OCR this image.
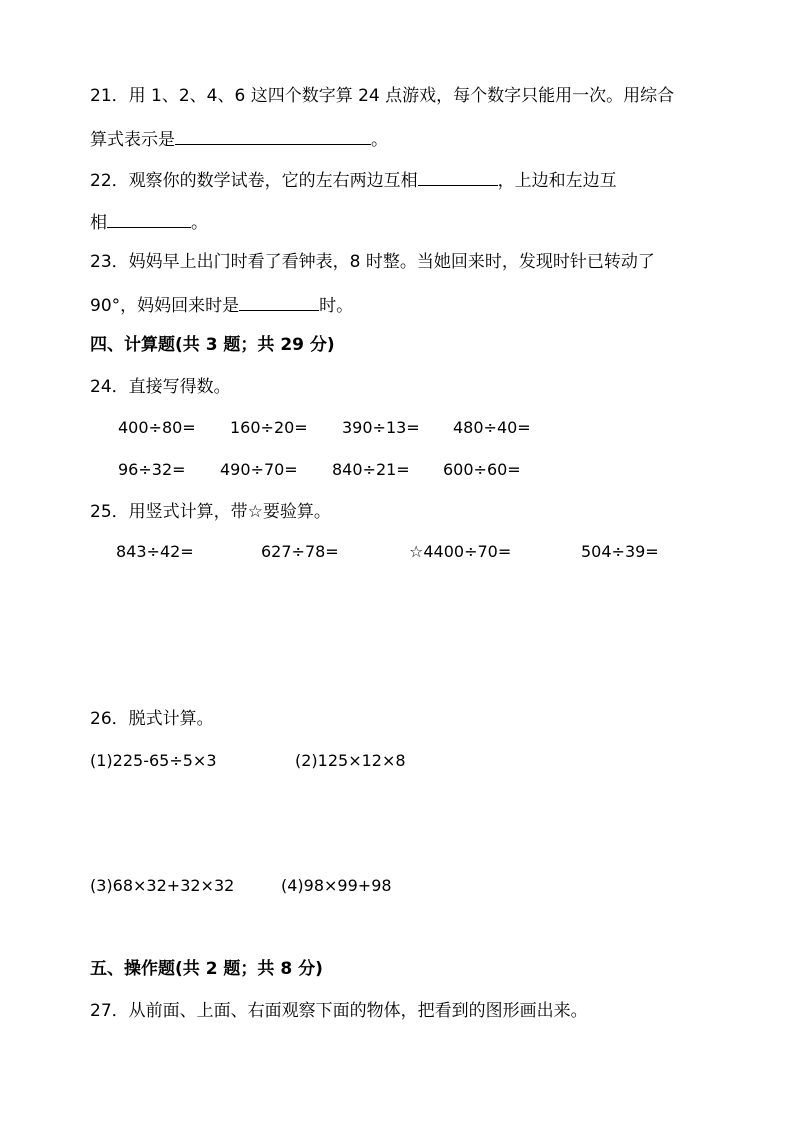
21．用 1、2、4、6 这四个数字算 24 点游戏，每个数字只能用一次。用综合
算式表示是	。
22．观察你的数学试卷，它的左右两边互相	，上边和左边互
相	。
23．妈妈早上出门时看了看钟表，8 时整。当她回来时，发现时针已转动了
90°，妈妈回来时是	时。
四、计算题(共 3 题；共 29 分)
24．直接写得数。
400÷80= 160÷20= 390÷13= 480÷40=
96÷32= 490÷70= 840÷21= 600÷60=
25．用竖式计算，带☆要验算。
843÷42=	627÷78=	☆4400÷70=	504÷39=
26．脱式计算。
(1)225-65÷5×3	(2)125×12×8
(3)68×32+32×32	(4)98×99+98
五、操作题(共 2 题；共 8 分)
27．从前面、上面、右面观察下面的物体，把看到的图形画出来。
